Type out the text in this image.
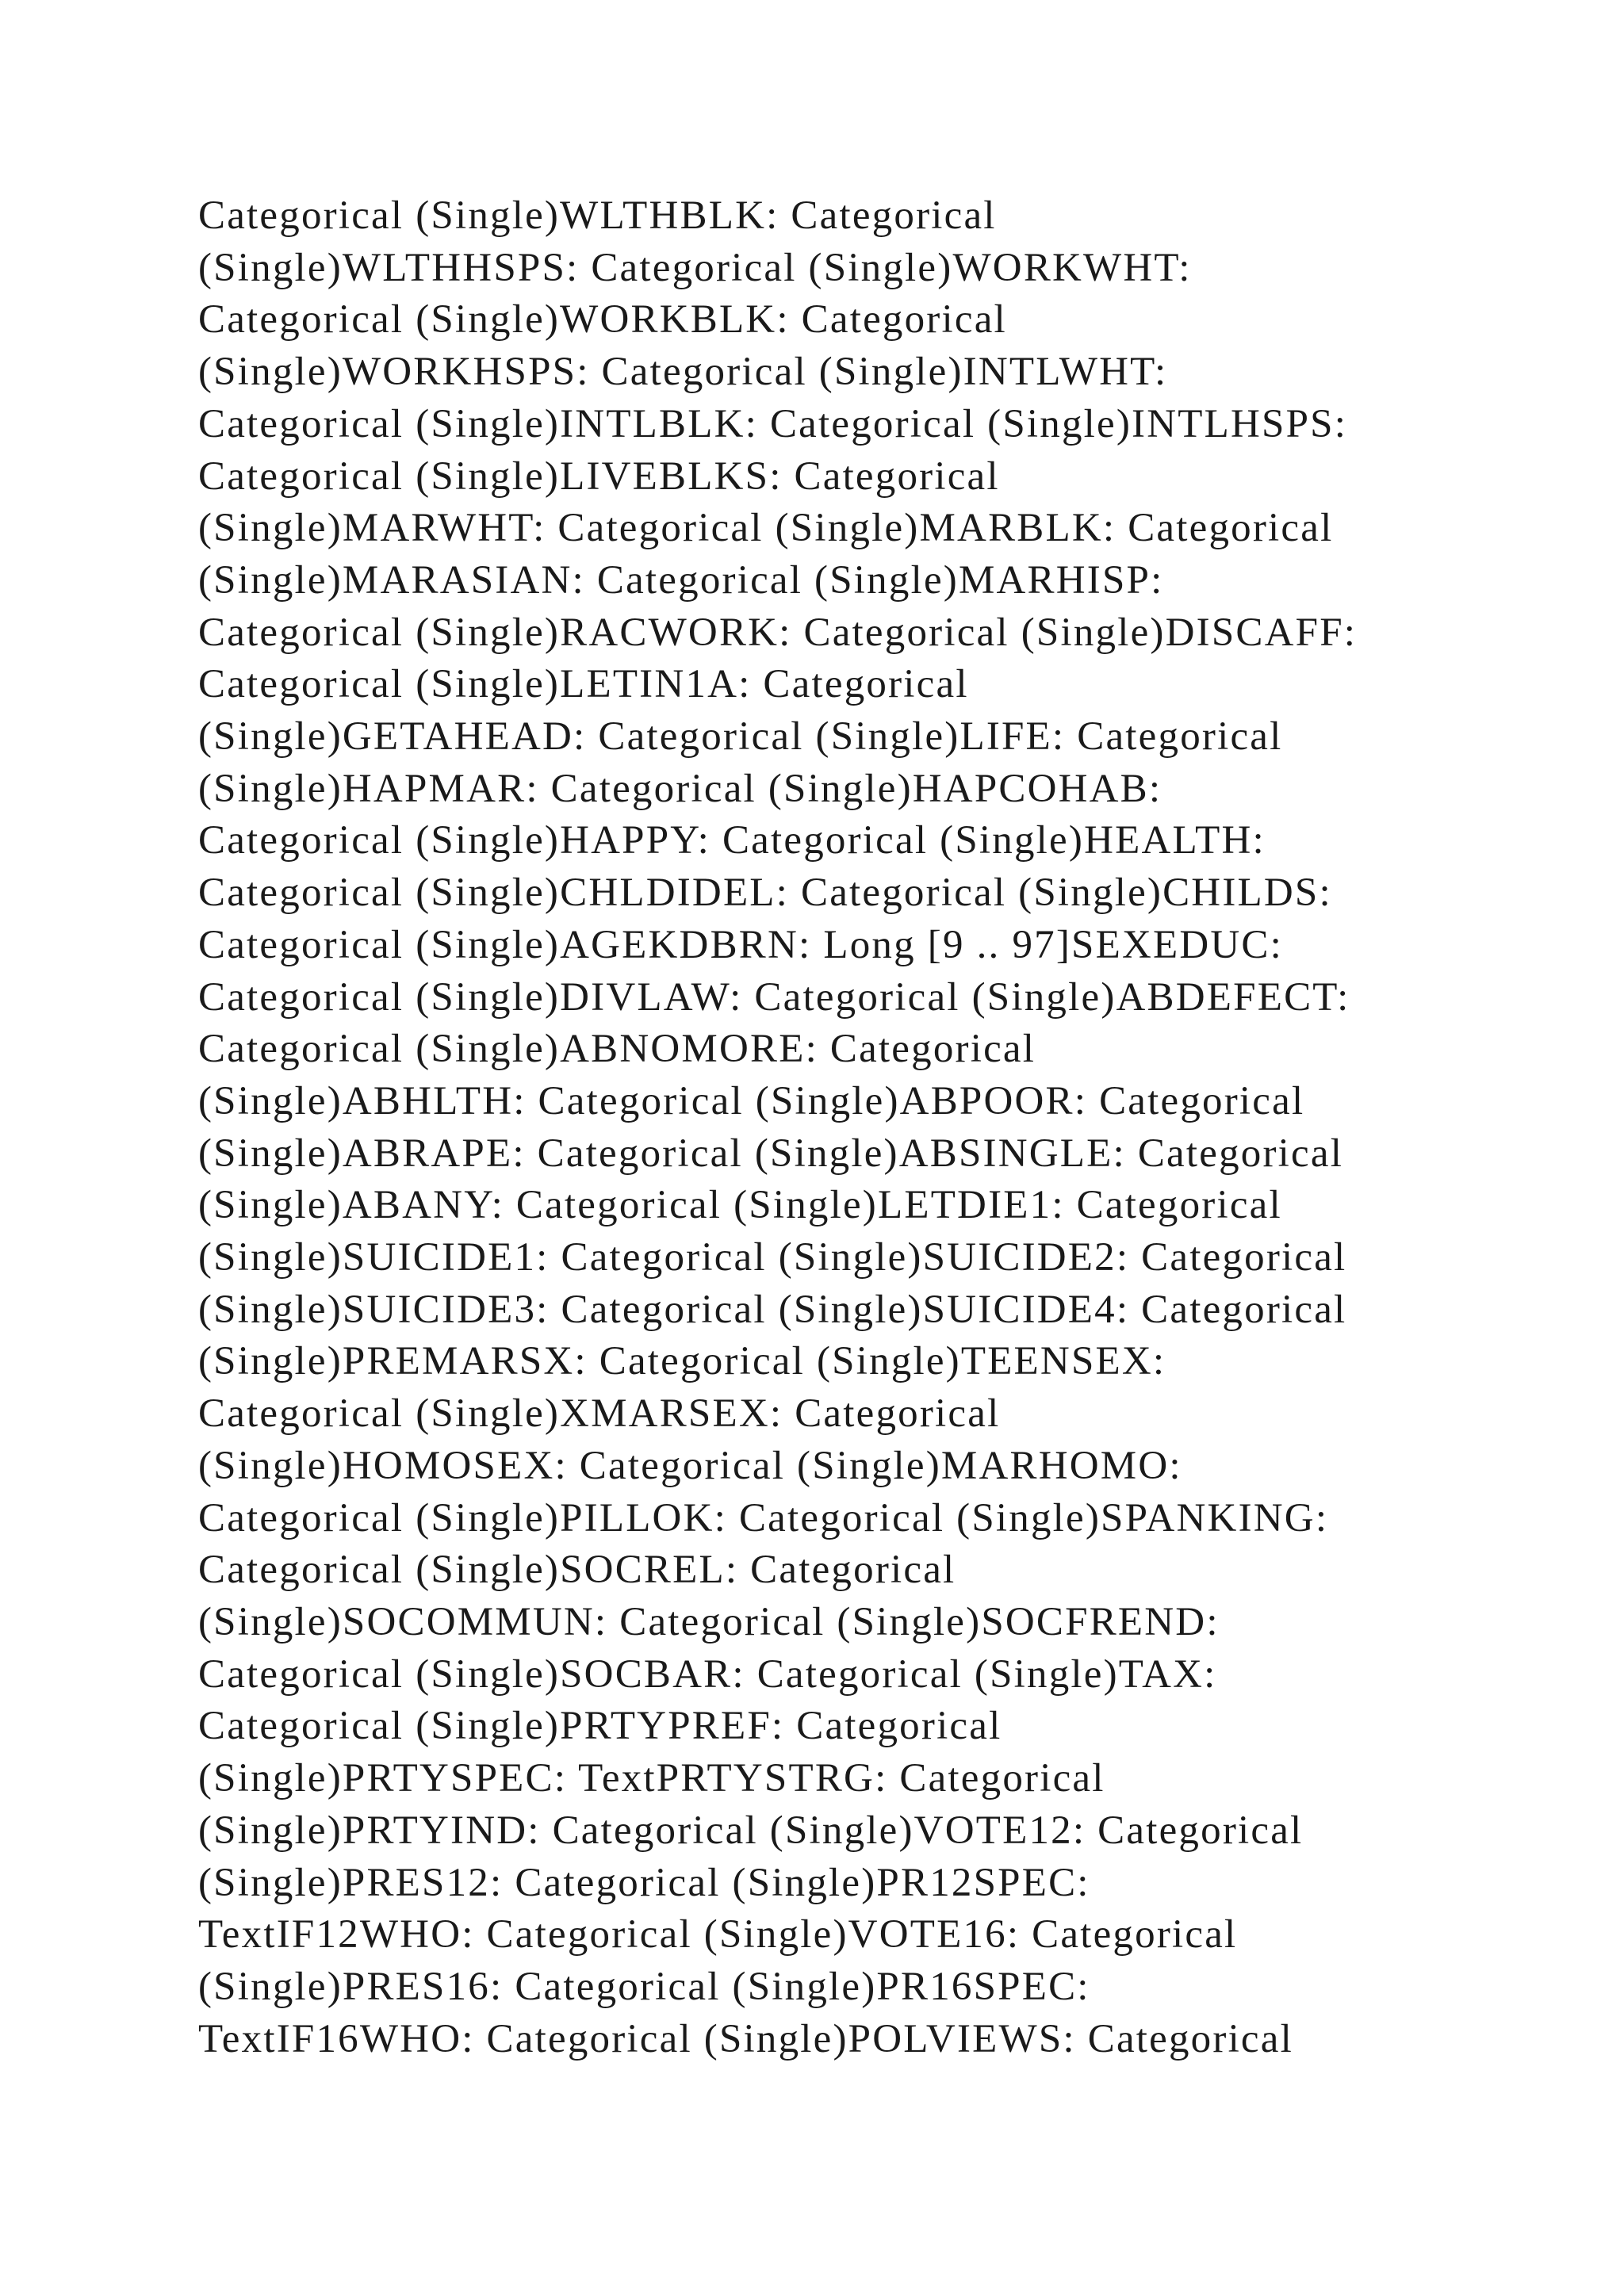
Categorical (Single)WLTHBLK: Categorical
(Single)WLTHHSPS: Categorical (Single)WORKWHT:
Categorical (Single)WORKBLK: Categorical
(Single)WORKHSPS: Categorical (Single)INTLWHT:
Categorical (Single)INTLBLK: Categorical (Single)INTLHSPS:
Categorical (Single)LIVEBLKS: Categorical
(Single)MARWHT: Categorical (Single)MARBLK: Categorical
(Single)MARASIAN: Categorical (Single)MARHISP:
Categorical (Single)RACWORK: Categorical (Single)DISCAFF:
Categorical (Single)LETIN1A: Categorical
(Single)GETAHEAD: Categorical (Single)LIFE: Categorical
(Single)HAPMAR: Categorical (Single)HAPCOHAB:
Categorical (Single)HAPPY: Categorical (Single)HEALTH:
Categorical (Single)CHLDIDEL: Categorical (Single)CHILDS:
Categorical (Single)AGEKDBRN: Long [9 .. 97]SEXEDUC:
Categorical (Single)DIVLAW: Categorical (Single)ABDEFECT:
Categorical (Single)ABNOMORE: Categorical
(Single)ABHLTH: Categorical (Single)ABPOOR: Categorical
(Single)ABRAPE: Categorical (Single)ABSINGLE: Categorical
(Single)ABANY: Categorical (Single)LETDIE1: Categorical
(Single)SUICIDE1: Categorical (Single)SUICIDE2: Categorical
(Single)SUICIDE3: Categorical (Single)SUICIDE4: Categorical
(Single)PREMARSX: Categorical (Single)TEENSEX:
Categorical (Single)XMARSEX: Categorical
(Single)HOMOSEX: Categorical (Single)MARHOMO:
Categorical (Single)PILLOK: Categorical (Single)SPANKING:
Categorical (Single)SOCREL: Categorical
(Single)SOCOMMUN: Categorical (Single)SOCFREND:
Categorical (Single)SOCBAR: Categorical (Single)TAX:
Categorical (Single)PRTYPREF: Categorical
(Single)PRTYSPEC: TextPRTYSTRG: Categorical
(Single)PRTYIND: Categorical (Single)VOTE12: Categorical
(Single)PRES12: Categorical (Single)PR12SPEC:
TextIF12WHO: Categorical (Single)VOTE16: Categorical
(Single)PRES16: Categorical (Single)PR16SPEC:
TextIF16WHO: Categorical (Single)POLVIEWS: Categorical
